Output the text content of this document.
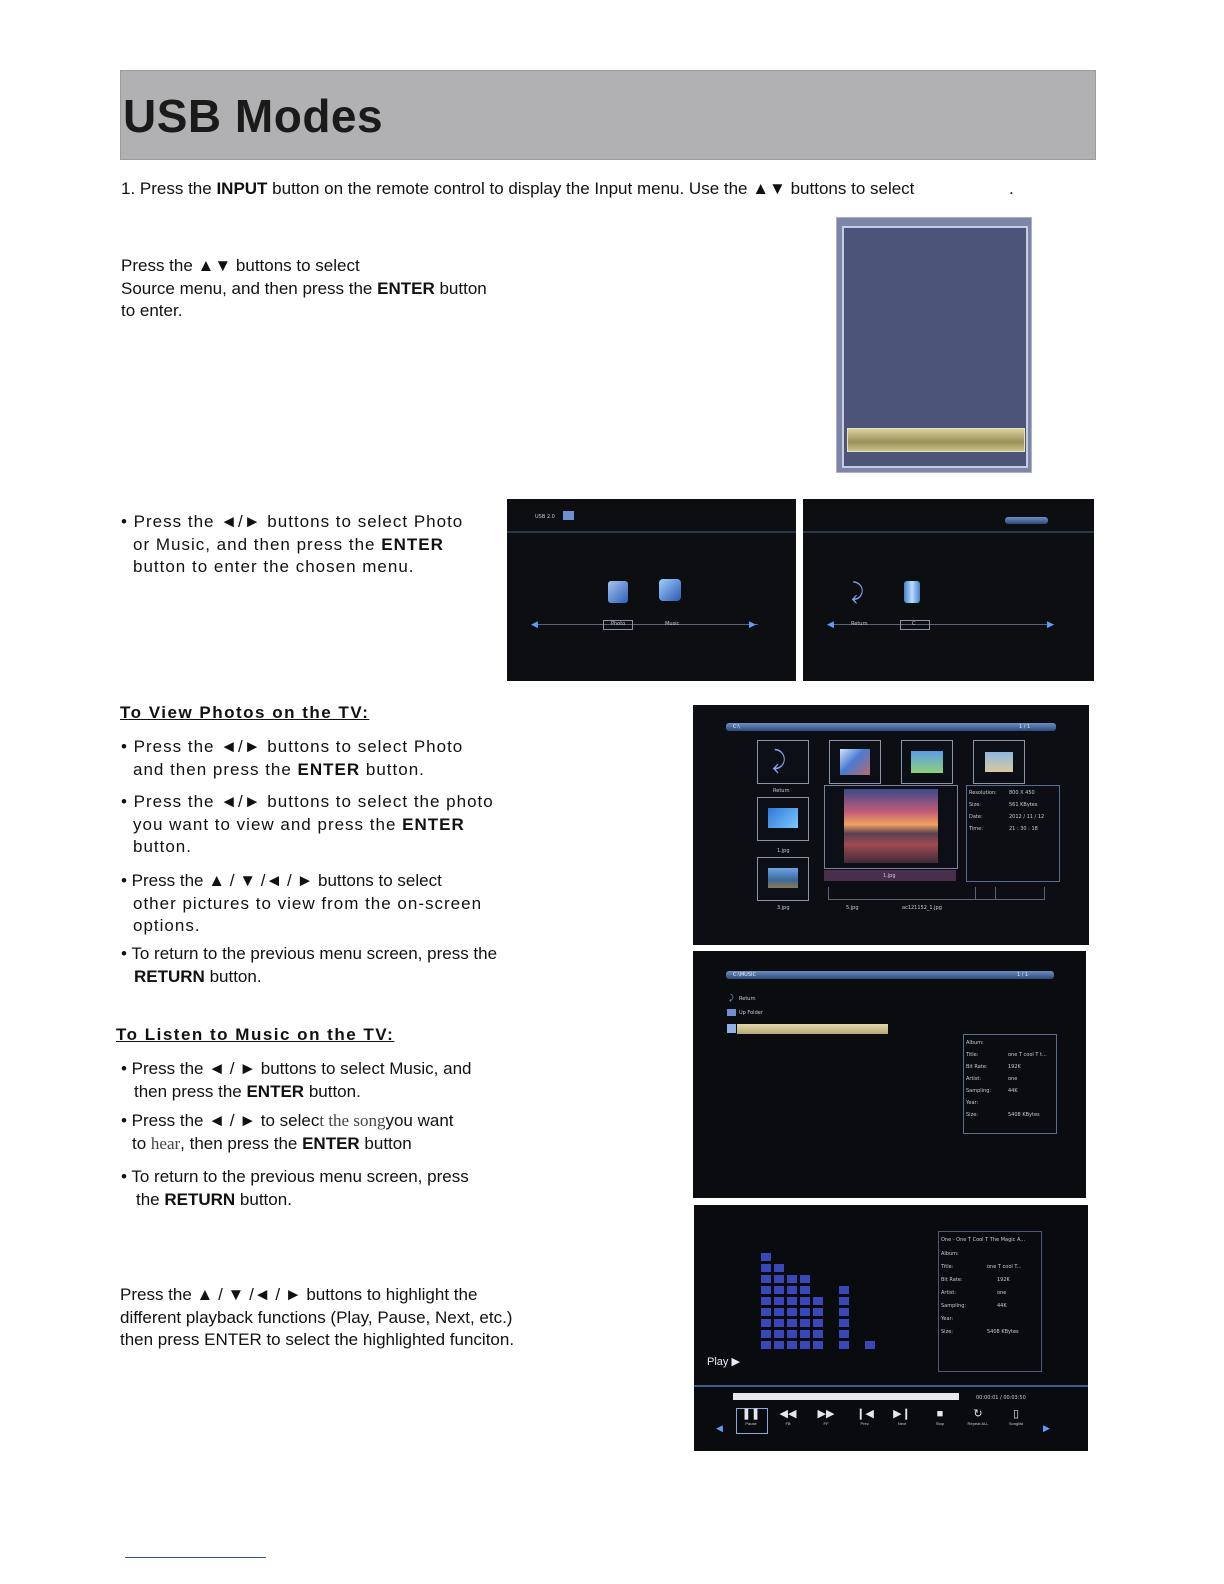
USB Modes
1. Press the INPUT button on the remote control to display the Input menu. Use the ▲▼ buttons to select	.
Press the ▲▼ buttons to select
Source menu, and then press the ENTER button
to enter.
• Press the ◄/► buttons to select Photo
or Music, and then press the ENTER
button to enter the chosen menu.
USB 2.0
◀	▶
Photo	Music
⤸
◀	▶
Return	C
To View Photos on the TV:
• Press the ◄/► buttons to select Photo
and then press the ENTER button.
• Press the ◄/► buttons to select the photo
you want to view and press the ENTER
button.
• Press the ▲ / ▼ /◄ / ► buttons to select
other pictures to view from the on-screen
options.
• To return to the previous menu screen, press the
RETURN button.
C:\	1 / 1
⤸
Return
1.jpg
3.jpg
1.jpg
5.jpg	ac121152_1.jpg
Resolution: 800 X 450
Size:	561 KBytes
Date:	2012 / 11 / 12
Time:	21 : 30 : 18
To Listen to Music on the TV:
• Press the ◄ / ► buttons to select Music, and
then press the ENTER button.
• Press the ◄ / ► to select the songyou want
to hear, then press the ENTER button
• To return to the previous menu screen, press
the RETURN button.
C:\MUSIC	1 / 1
⤸ Return
Up Folder
Album:
Title:	one T cool T t...
Bit Rate:	192K
Artist:	one
Sampling:	44K
Year:
Size:	5408 KBytes
Press the ▲ / ▼ /◄ / ► buttons to highlight the
different playback functions (Play, Pause, Next, etc.)
then press ENTER to select the highlighted funciton.
Play ▶
One - One T Cool T The Magic A...
Album:
Title:	one T cool T...
Bit Rate:	192K
Artist:	one
Sampling:	44K
Year:
Size:	5408 KBytes
00:00:01 / 00:03:50
◀	▶
❚❚
Pause
◀◀
FB
▶▶
FF
❙◀
Prev.
▶❙
Next
■
Stop
↻
Repeat ALL
▯
Songlist
